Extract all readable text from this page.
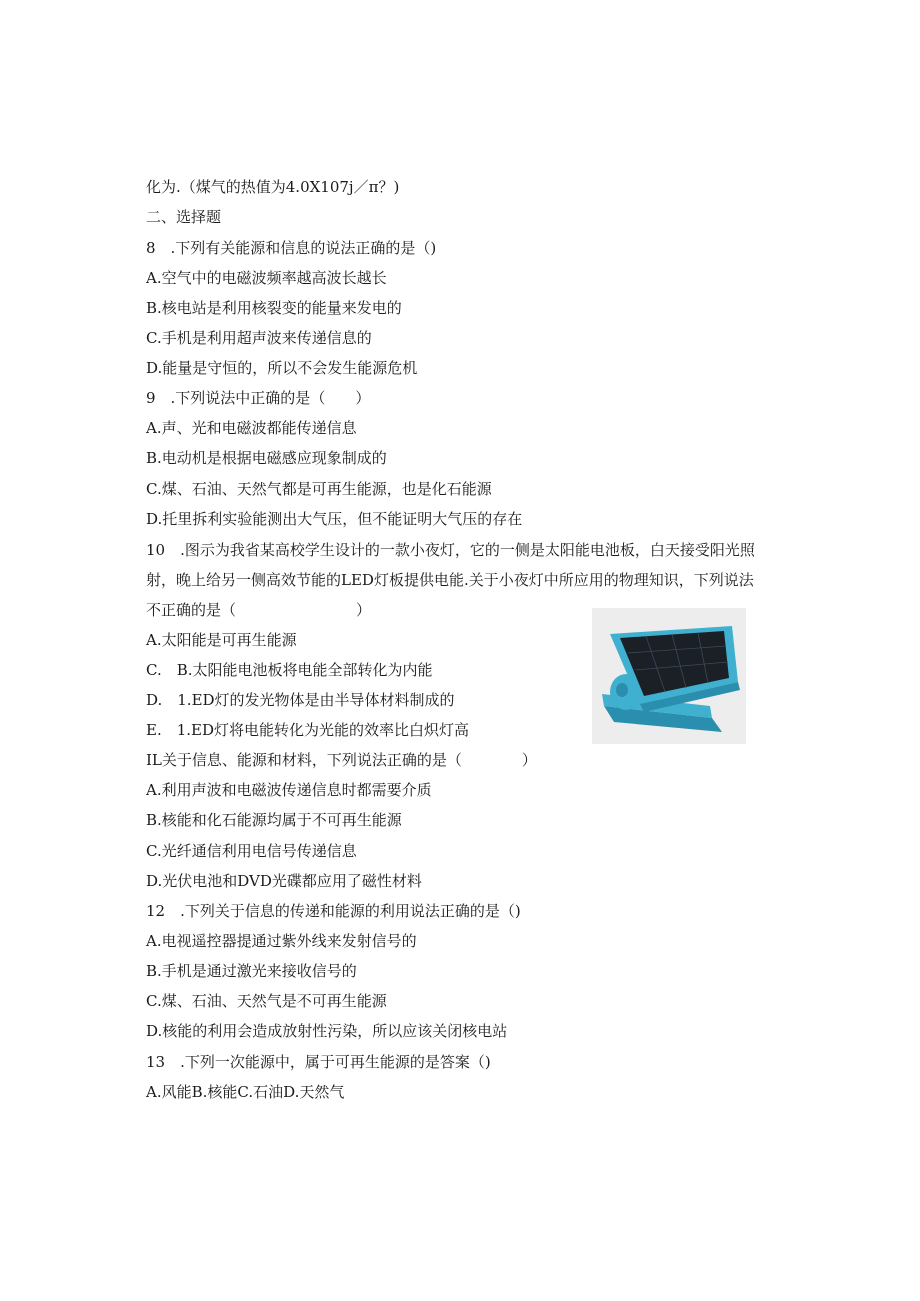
化为.（煤气的热值为4.0X107j／π？)
二、选择题
8　.下列有关能源和信息的说法正确的是（)
A.空气中的电磁波频率越高波长越长
B.核电站是利用核裂变的能量来发电的
C.手机是利用超声波来传递信息的
D.能量是守恒的，所以不会发生能源危机
9　.下列说法中正确的是（　　）
A.声、光和电磁波都能传递信息
B.电动机是根据电磁感应现象制成的
C.煤、石油、天然气都是可再生能源，也是化石能源
D.托里拆利实验能测出大气压，但不能证明大气压的存在
10　.图示为我省某高校学生设计的一款小夜灯，它的一侧是太阳能电池板，白天接受阳光照
射，晚上给另一侧高效节能的LED灯板提供电能.关于小夜灯中所应用的物理知识，下列说法
不正确的是（　　　　　　　　）
A.太阳能是可再生能源
C.　B.太阳能电池板将电能全部转化为内能
D.　1.ED灯的发光物体是由半导体材料制成的
E.　1.ED灯将电能转化为光能的效率比白炽灯高
IL关于信息、能源和材料，下列说法正确的是（　　　　）
A.利用声波和电磁波传递信息时都需要介质
B.核能和化石能源均属于不可再生能源
C.光纤通信利用电信号传递信息
D.光伏电池和DVD光碟都应用了磁性材料
12　.下列关于信息的传递和能源的利用说法正确的是（)
A.电视遥控器提通过紫外线来发射信号的
B.手机是通过激光来接收信号的
C.煤、石油、天然气是不可再生能源
D.核能的利用会造成放射性污染，所以应该关闭核电站
13　.下列一次能源中，属于可再生能源的是答案（)
A.风能B.核能C.石油D.天然气
